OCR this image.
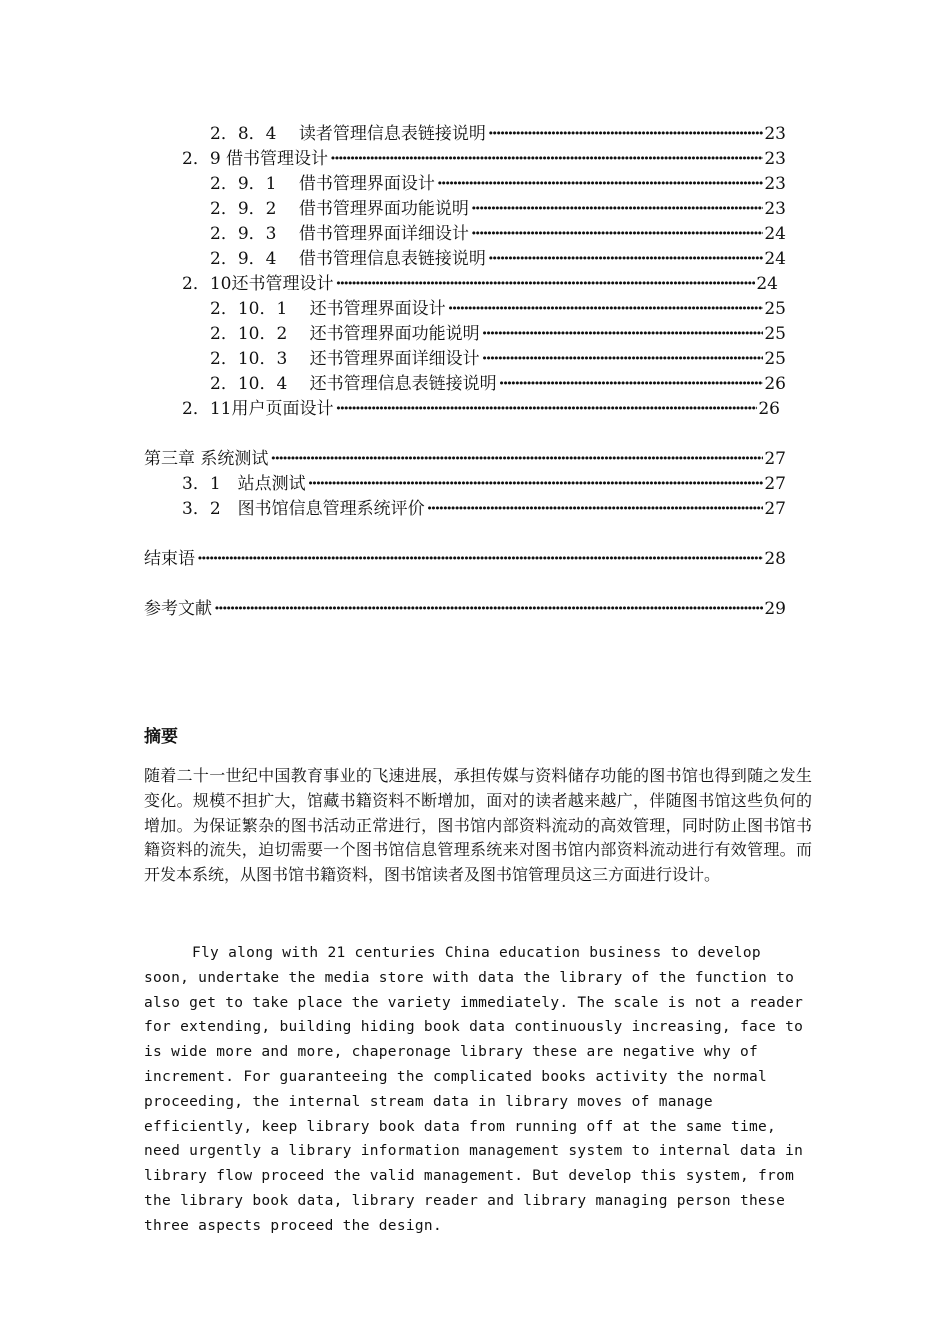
2．8．4　 读者管理信息表链接说明 ·····	23
2．9 借书管理设计 ·····	23
2．9．1　 借书管理界面设计 ·····	23
2．9．2　 借书管理界面功能说明 ·····	23
2．9．3　 借书管理界面详细设计 ·····	24
2．9．4　 借书管理信息表链接说明 ·····	24
2．10还书管理设计 ·····	24
2．10．1　 还书管理界面设计 ·····	25
2．10．2　 还书管理界面功能说明 ·····	25
2．10．3　 还书管理界面详细设计 ·····	25
2．10．4　 还书管理信息表链接说明 ·····	26
2．11用户页面设计 ·····	26
第三章 系统测试 ·····	27
3．1　站点测试 ·····	27
3．2　图书馆信息管理系统评价 ·····	27
结束语 ·····	28
参考文献 ·····	29
摘要

随着二十一世纪中国教育事业的飞速进展，承担传媒与资料储存功能的图书馆也得到随之发生变化。规模不担扩大，馆藏书籍资料不断增加，面对的读者越来越广，伴随图书馆这些负何的增加。为保证繁杂的图书活动正常进行，图书馆内部资料流动的高效管理，同时防止图书馆书籍资料的流失，迫切需要一个图书馆信息管理系统来对图书馆内部资料流动进行有效管理。而开发本系统，从图书馆书籍资料，图书馆读者及图书馆管理员这三方面进行设计。

Fly along with 21 centuries China education business to develop soon, undertake the media store with data the library of the function to also get to take place the variety immediately. The scale is not a reader for extending, building hiding book data continuously increasing, face to is wide more and more, chaperonage library these are negative why of increment. For guaranteeing the complicated books activity the normal proceeding, the internal stream data in library moves of manage efficiently, keep library book data from running off at the same time, need urgently a library information management system to internal data in library flow proceed the valid management. But develop this system, from the library book data, library reader and library managing person these three aspects proceed the design.
